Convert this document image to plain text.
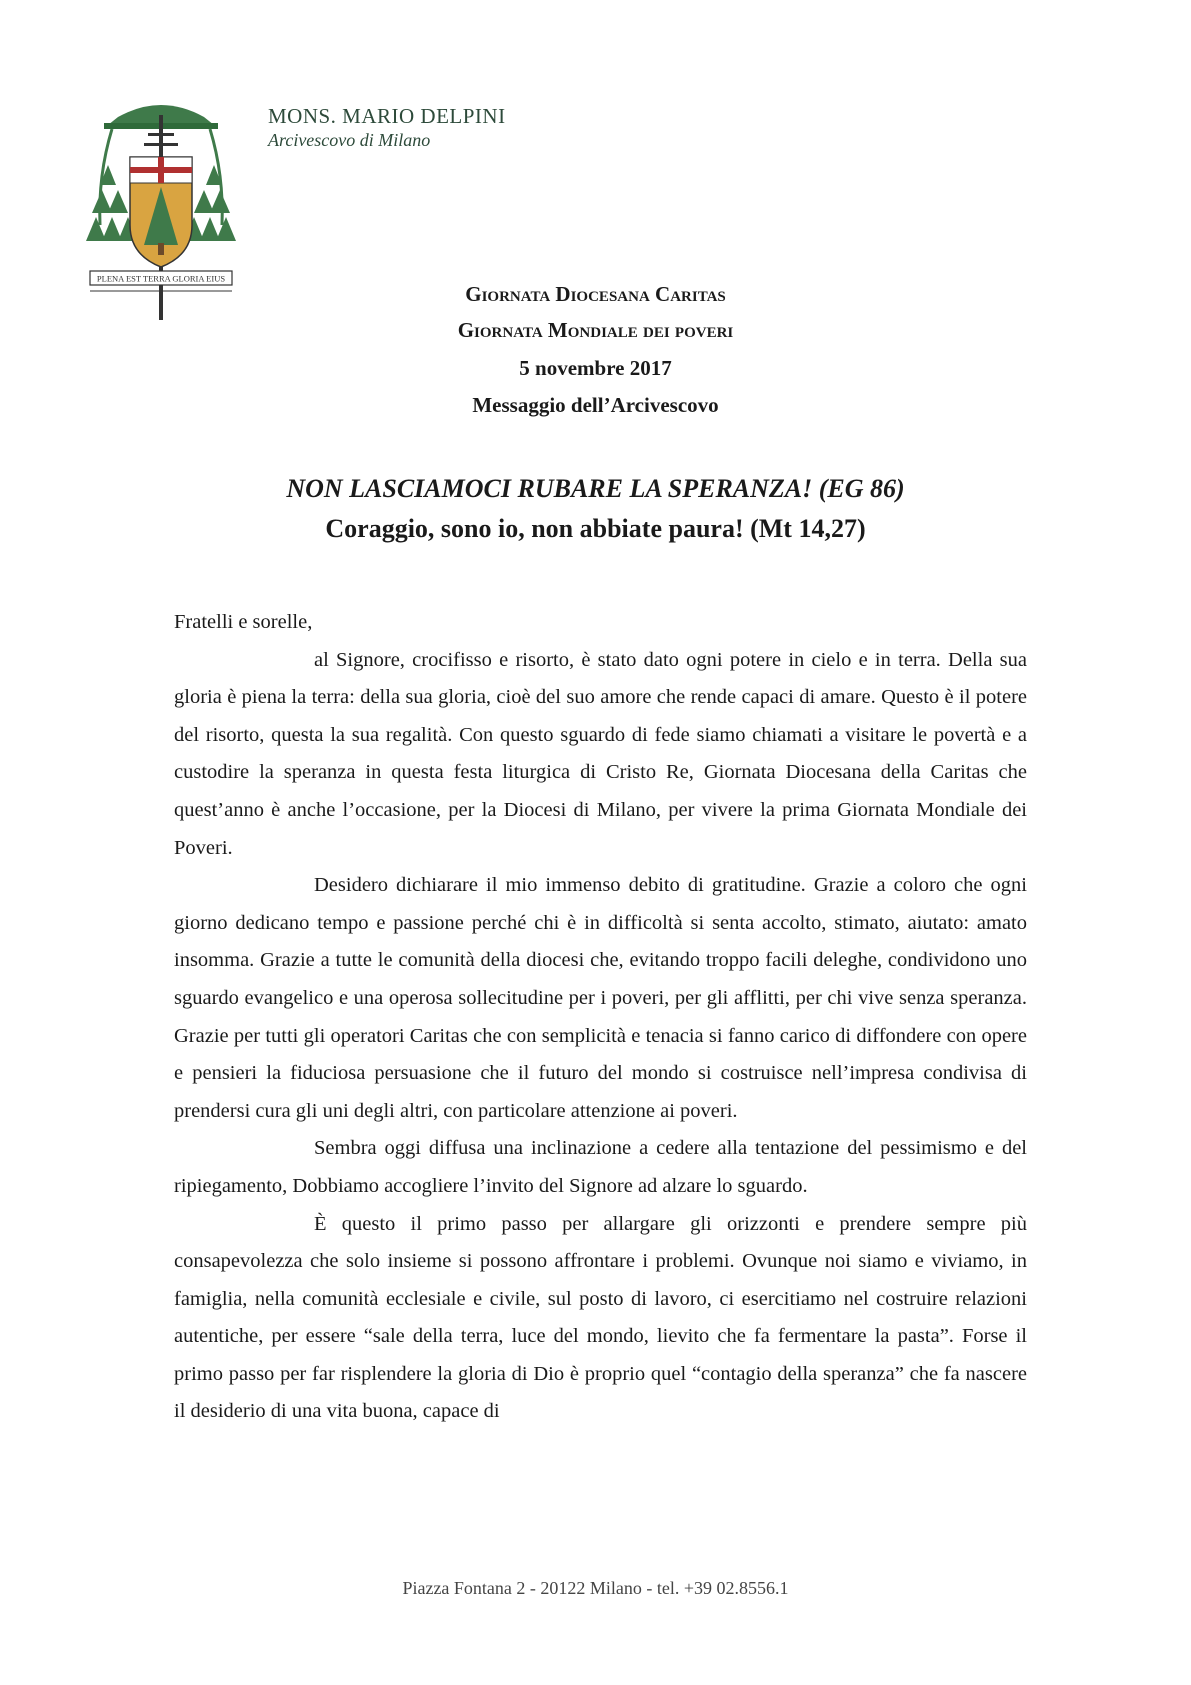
PLENA EST TERRA GLORIA EIUS
MONS. MARIO DELPINI
Arcivescovo di Milano
Giornata Diocesana Caritas
Giornata Mondiale dei poveri
5 novembre 2017
Messaggio dell’Arcivescovo
NON LASCIAMOCI RUBARE LA SPERANZA! (EG 86)
Coraggio, sono io, non abbiate paura! (Mt 14,27)

Fratelli e sorelle,

al Signore, crocifisso e risorto, è stato dato ogni potere in cielo e in terra. Della sua gloria è piena la terra: della sua gloria, cioè del suo amore che rende capaci di amare. Questo è il potere del risorto, questa la sua regalità. Con questo sguardo di fede siamo chiamati a visitare le povertà e a custodire la speranza in questa festa liturgica di Cristo Re, Giornata Diocesana della Caritas che quest’anno è anche l’occasione, per la Diocesi di Milano, per vivere la prima Giornata Mondiale dei Poveri.

Desidero dichiarare il mio immenso debito di gratitudine. Grazie a coloro che ogni giorno dedicano tempo e passione perché chi è in difficoltà si senta accolto, stimato, aiutato: amato insomma. Grazie a tutte le comunità della diocesi che, evitando troppo facili deleghe, condividono uno sguardo evangelico e una operosa sollecitudine per i poveri, per gli afflitti, per chi vive senza speranza. Grazie per tutti gli operatori Caritas che con semplicità e tenacia si fanno carico di diffondere con opere e pensieri la fiduciosa persuasione che il futuro del mondo si costruisce nell’impresa condivisa di prendersi cura gli uni degli altri, con particolare attenzione ai poveri.

Sembra oggi diffusa una inclinazione a cedere alla tentazione del pessimismo e del ripiegamento, Dobbiamo accogliere l’invito del Signore ad alzare lo sguardo.

È questo il primo passo per allargare gli orizzonti e prendere sempre più consapevolezza che solo insieme si possono affrontare i problemi. Ovunque noi siamo e viviamo, in famiglia, nella comunità ecclesiale e civile, sul posto di lavoro, ci esercitiamo nel costruire relazioni autentiche, per essere “sale della terra, luce del mondo, lievito che fa fermentare la pasta”. Forse il primo passo per far risplendere la gloria di Dio è proprio quel “contagio della speranza” che fa nascere il desiderio di una vita buona, capace di

Piazza Fontana 2 - 20122 Milano - tel. +39 02.8556.1
